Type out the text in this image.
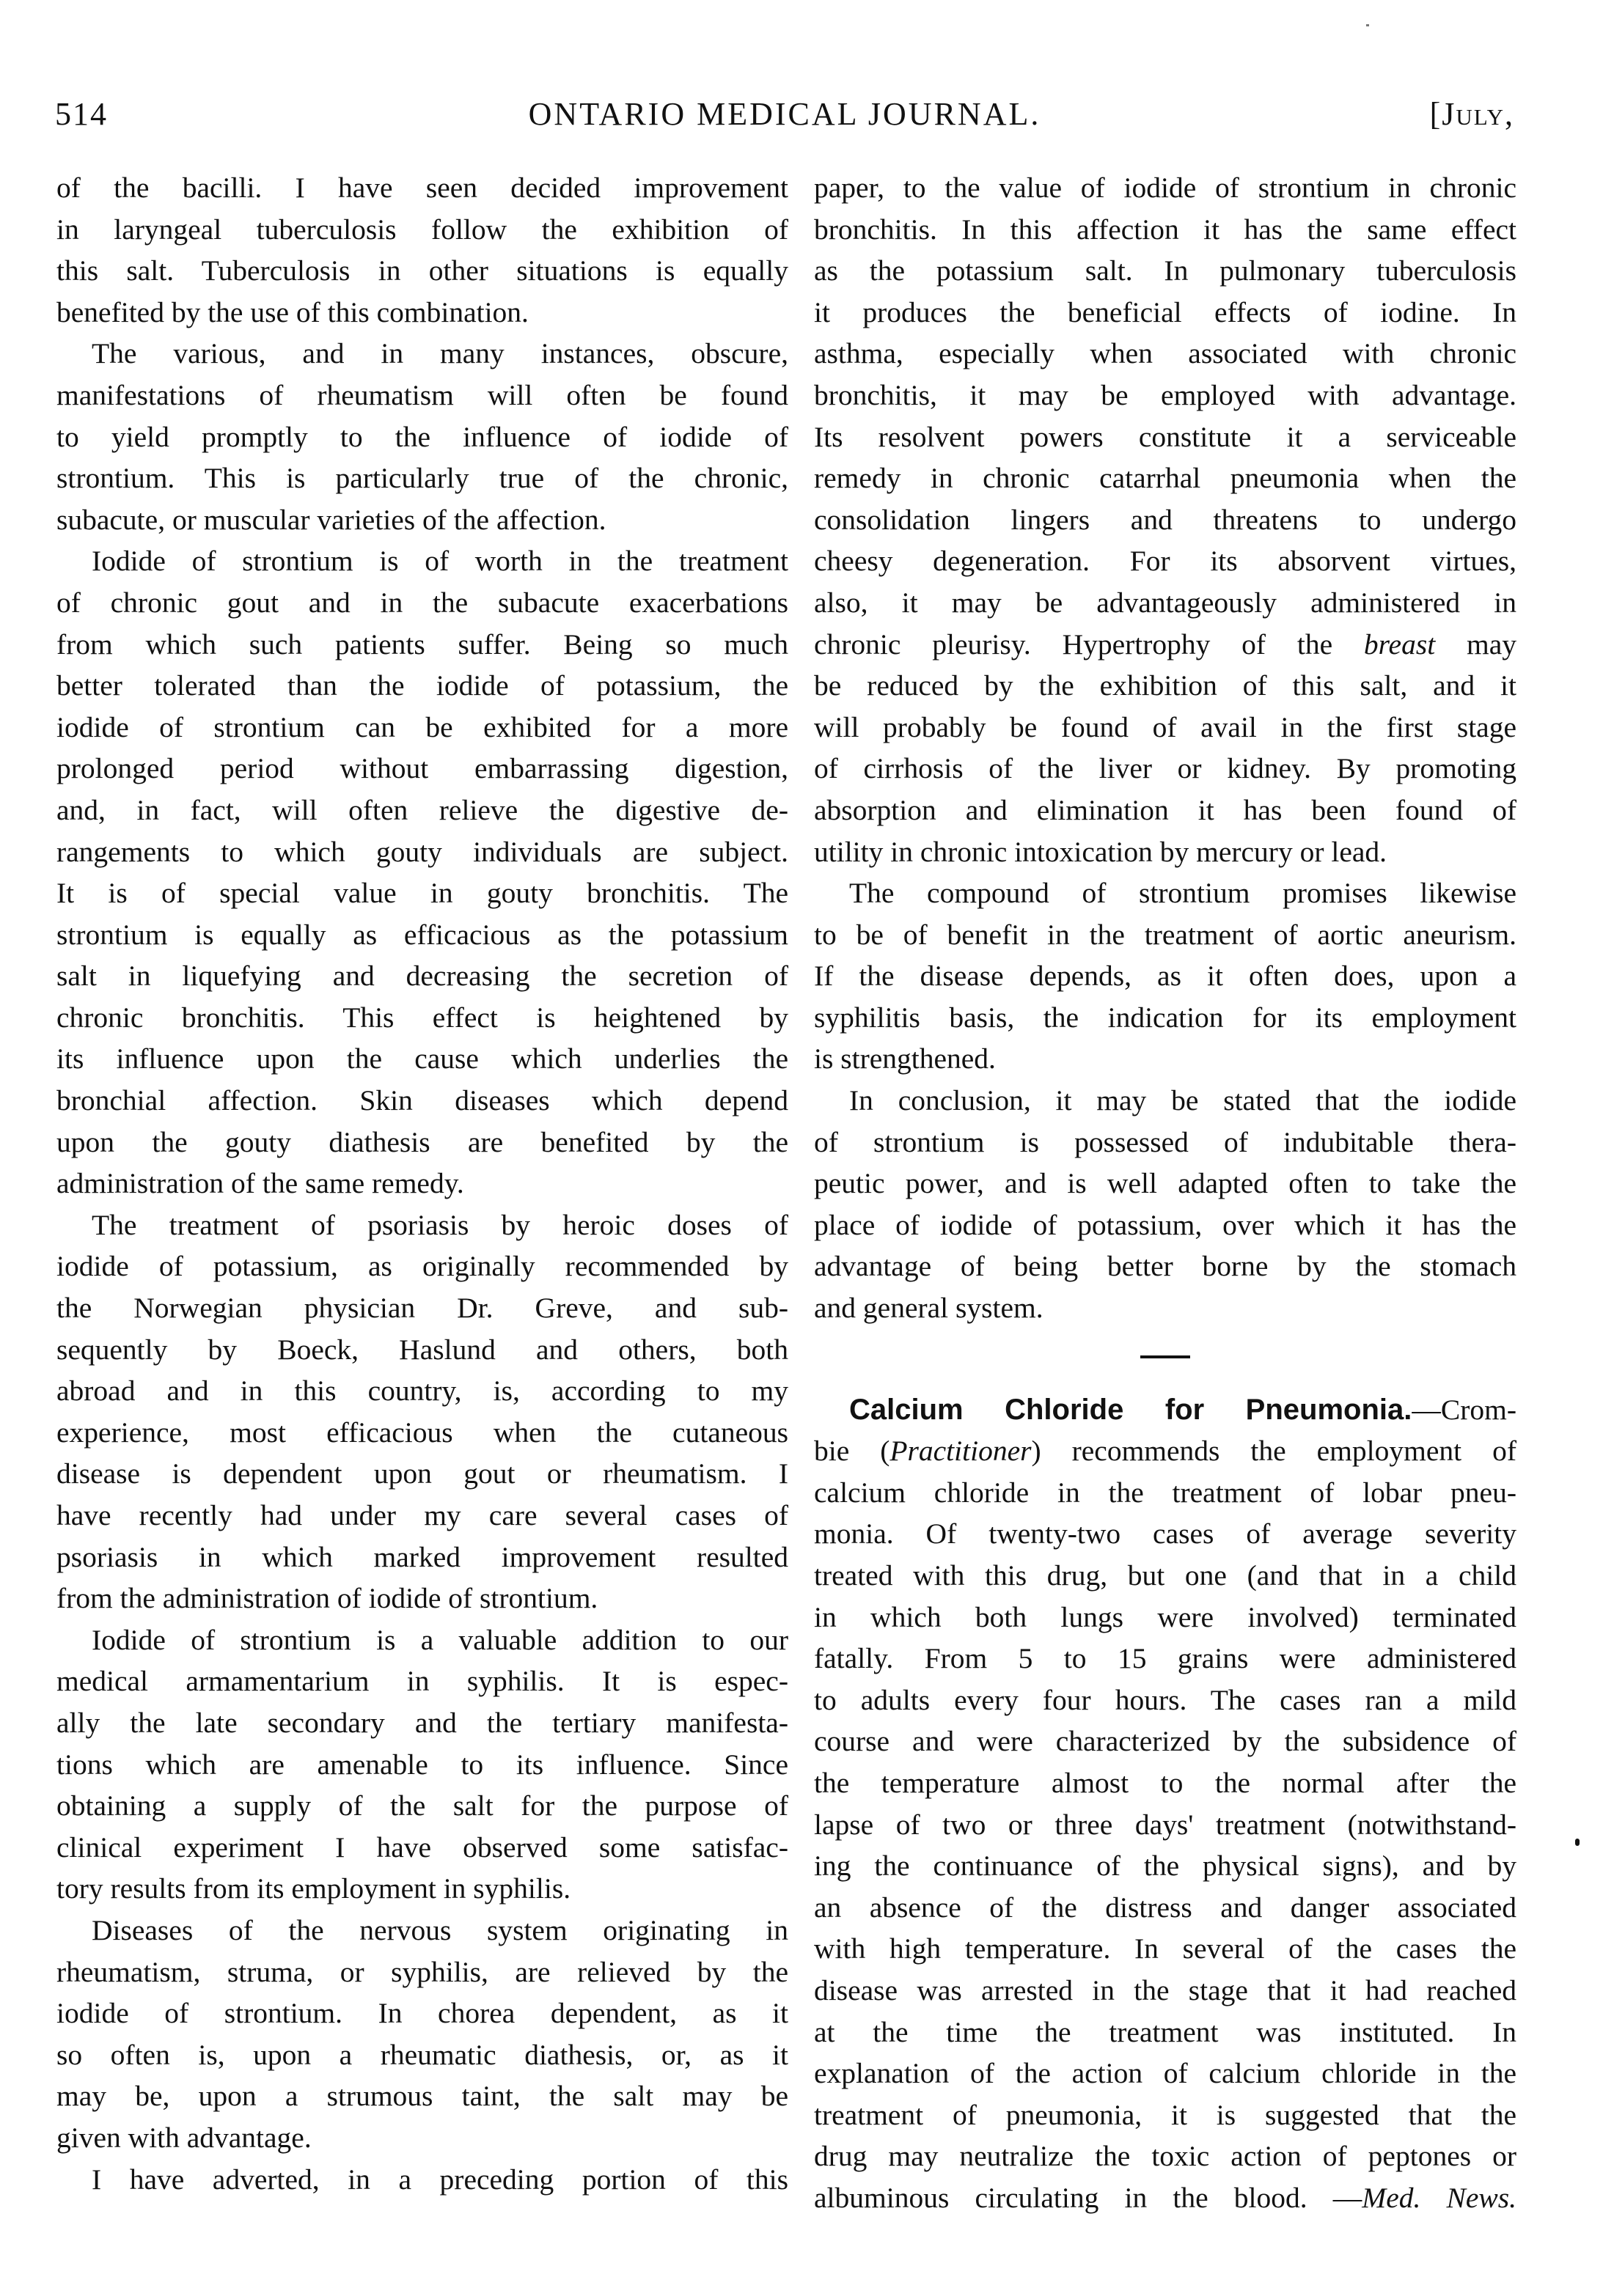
514	ONTARIO MEDICAL JOURNAL.	[July,
of the bacilli. I have seen decided improvement
in laryngeal tuberculosis follow the exhibition of
this salt. Tuberculosis in other situations is equally
benefited by the use of this combination.
The various, and in many instances, obscure,
manifestations of rheumatism will often be found
to yield promptly to the influence of iodide of
strontium. This is particularly true of the chronic,
subacute, or muscular varieties of the affection.
Iodide of strontium is of worth in the treatment
of chronic gout and in the subacute exacerbations
from which such patients suffer. Being so much
better tolerated than the iodide of potassium, the
iodide of strontium can be exhibited for a more
prolonged period without embarrassing digestion,
and, in fact, will often relieve the digestive de-
rangements to which gouty individuals are subject.
It is of special value in gouty bronchitis. The
strontium is equally as efficacious as the potassium
salt in liquefying and decreasing the secretion of
chronic bronchitis. This effect is heightened by
its influence upon the cause which underlies the
bronchial affection. Skin diseases which depend
upon the gouty diathesis are benefited by the
administration of the same remedy.
The treatment of psoriasis by heroic doses of
iodide of potassium, as originally recommended by
the Norwegian physician Dr. Greve, and sub-
sequently by Boeck, Haslund and others, both
abroad and in this country, is, according to my
experience, most efficacious when the cutaneous
disease is dependent upon gout or rheumatism. I
have recently had under my care several cases of
psoriasis in which marked improvement resulted
from the administration of iodide of strontium.
Iodide of strontium is a valuable addition to our
medical armamentarium in syphilis. It is espec-
ally the late secondary and the tertiary manifesta-
tions which are amenable to its influence. Since
obtaining a supply of the salt for the purpose of
clinical experiment I have observed some satisfac-
tory results from its employment in syphilis.
Diseases of the nervous system originating in
rheumatism, struma, or syphilis, are relieved by the
iodide of strontium. In chorea dependent, as it
so often is, upon a rheumatic diathesis, or, as it
may be, upon a strumous taint, the salt may be
given with advantage.
I have adverted, in a preceding portion of this
paper, to the value of iodide of strontium in chronic
bronchitis. In this affection it has the same effect
as the potassium salt. In pulmonary tuberculosis
it produces the beneficial effects of iodine. In
asthma, especially when associated with chronic
bronchitis, it may be employed with advantage.
Its resolvent powers constitute it a serviceable
remedy in chronic catarrhal pneumonia when the
consolidation lingers and threatens to undergo
cheesy degeneration. For its absorvent virtues,
also, it may be advantageously administered in
chronic pleurisy. Hypertrophy of the breast may
be reduced by the exhibition of this salt, and it
will probably be found of avail in the first stage
of cirrhosis of the liver or kidney. By promoting
absorption and elimination it has been found of
utility in chronic intoxication by mercury or lead.
The compound of strontium promises likewise
to be of benefit in the treatment of aortic aneurism.
If the disease depends, as it often does, upon a
syphilitis basis, the indication for its employment
is strengthened.
In conclusion, it may be stated that the iodide
of strontium is possessed of indubitable thera-
peutic power, and is well adapted often to take the
place of iodide of potassium, over which it has the
advantage of being better borne by the stomach
and general system.
Calcium Chloride for Pneumonia.—Crom-
bie (Practitioner) recommends the employment of
calcium chloride in the treatment of lobar pneu-
monia. Of twenty-two cases of average severity
treated with this drug, but one (and that in a child
in which both lungs were involved) terminated
fatally. From 5 to 15 grains were administered
to adults every four hours. The cases ran a mild
course and were characterized by the subsidence of
the temperature almost to the normal after the
lapse of two or three days' treatment (notwithstand-
ing the continuance of the physical signs), and by
an absence of the distress and danger associated
with high temperature. In several of the cases the
disease was arrested in the stage that it had reached
at the time the treatment was instituted. In
explanation of the action of calcium chloride in the
treatment of pneumonia, it is suggested that the
drug may neutralize the toxic action of peptones or
albuminous circulating in the blood. —Med. News.
